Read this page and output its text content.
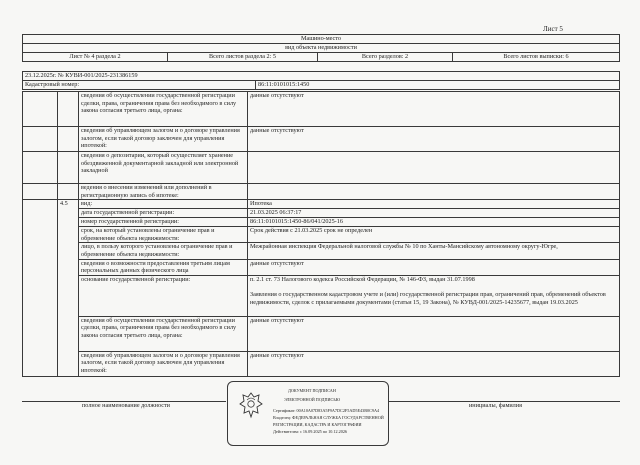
Лист 5
Машино-место
вид объекта недвижимости
Лист № 4 раздела 2	Всего листов раздела 2: 5	Всего разделов: 2	Всего листов выписки: 6
23.12.2025г. № КУВИ-001/2025-231386159
Кадастровый номер:	86:11:0101015:1450
		сведения об осуществлении государственной регистрации сделки, права, ограничения права без необходимого в силу закона согласия третьего лица, органа:	данные отсутствуют
		сведения об управляющем залогом и о договоре управления залогом, если такой договор заключен для управления ипотекой:	данные отсутствуют
		сведения о депозитарии, который осуществляет хранение обездвиженной документарной закладной или электронной закладной	
		ведения о внесении изменений или дополнений в регистрационную запись об ипотеке:	
	4.5	вид:	Ипотека
		дата государственной регистрации:	21.03.2025 06:37:17
		номер государственной регистрации:	86:11:0101015:1450-86/041/2025-16
		срок, на который установлены ограничение прав и обременение объекта недвижимости:	Срок действия с 21.03.2025 срок не определен
		лицо, в пользу которого установлены ограничение прав и обременение объекта недвижимости:	Межрайонная инспекция Федеральной налоговой службы № 10 по Ханты-Мансийскому автономному округу-Югре,
		сведения о возможности предоставления третьим лицам персональных данных физического лица	данные отсутствуют
		основание государственной регистрации:	п. 2.1 ст. 73 Налогового кодекса Российской Федерации, № 146-ФЗ, выдан 31.07.1998
Заявления о государственном кадастровом учете и (или) государственной регистрации прав, ограничений прав, обременений объектов недвижимости, сделок с прилагаемыми документами (статьи 15, 19 Закона), № КУВД-001/2025-14235677, выдан 19.03.2025

		сведения об осуществлении государственной регистрации сделки, права, ограничения права без необходимого в силу закона согласия третьего лица, органа:	данные отсутствуют
		сведения об управляющем залогом и о договоре управления залогом, если такой договор заключен для управления ипотекой:	данные отсутствуют
полное наименование должности	инициалы, фамилия
ДОКУМЕНТ ПОДПИСАН
ЭЛЕКТРОННОЙ ПОДПИСЬЮ
Сертификат: 00A10A07D83A5F9A7DC2F5AD5E43B0C9A4
Владелец: ФЕДЕРАЛЬНАЯ СЛУЖБА ГОСУДАРСТВЕННОЙ
РЕГИСТРАЦИИ, КАДАСТРА И КАРТОГРАФИИ
Действителен: с 16.09.2025 по 10.12.2026
